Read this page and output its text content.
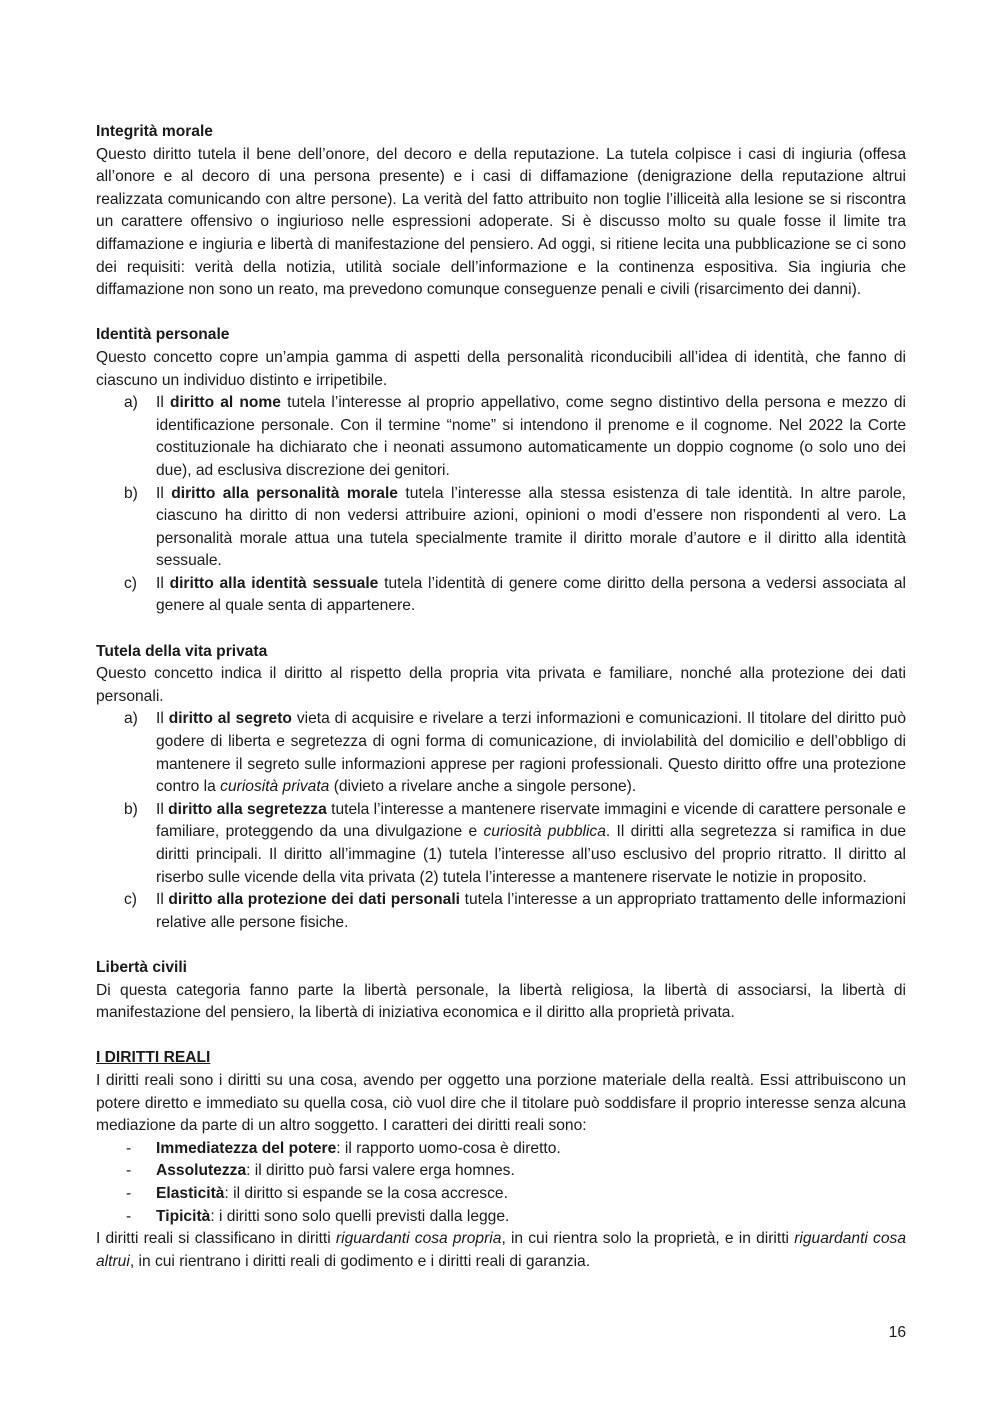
Integrità morale

Questo diritto tutela il bene dell’onore, del decoro e della reputazione. La tutela colpisce i casi di ingiuria (offesa all’onore e al decoro di una persona presente) e i casi di diffamazione (denigrazione della reputazione altrui realizzata comunicando con altre persone). La verità del fatto attribuito non toglie l’illiceità alla lesione se si riscontra un carattere offensivo o ingiurioso nelle espressioni adoperate. Si è discusso molto su quale fosse il limite tra diffamazione e ingiuria e libertà di manifestazione del pensiero. Ad oggi, si ritiene lecita una pubblicazione se ci sono dei requisiti: verità della notizia, utilità sociale dell’informazione e la continenza espositiva. Sia ingiuria che diffamazione non sono un reato, ma prevedono comunque conseguenze penali e civili (risarcimento dei danni).

Identità personale

Questo concetto copre un’ampia gamma di aspetti della personalità riconducibili all’idea di identità, che fanno di ciascuno un individuo distinto e irripetibile.

a) Il diritto al nome tutela l’interesse al proprio appellativo, come segno distintivo della persona e mezzo di identificazione personale. Con il termine “nome” si intendono il prenome e il cognome. Nel 2022 la Corte costituzionale ha dichiarato che i neonati assumono automaticamente un doppio cognome (o solo uno dei due), ad esclusiva discrezione dei genitori.
b) Il diritto alla personalità morale tutela l’interesse alla stessa esistenza di tale identità. In altre parole, ciascuno ha diritto di non vedersi attribuire azioni, opinioni o modi d’essere non rispondenti al vero. La personalità morale attua una tutela specialmente tramite il diritto morale d’autore e il diritto alla identità sessuale.
c) Il diritto alla identità sessuale tutela l’identità di genere come diritto della persona a vedersi associata al genere al quale senta di appartenere.

Tutela della vita privata

Questo concetto indica il diritto al rispetto della propria vita privata e familiare, nonché alla protezione dei dati personali.

a) Il diritto al segreto vieta di acquisire e rivelare a terzi informazioni e comunicazioni. Il titolare del diritto può godere di liberta e segretezza di ogni forma di comunicazione, di inviolabilità del domicilio e dell’obbligo di mantenere il segreto sulle informazioni apprese per ragioni professionali. Questo diritto offre una protezione contro la curiosità privata (divieto a rivelare anche a singole persone).
b) Il diritto alla segretezza tutela l’interesse a mantenere riservate immagini e vicende di carattere personale e familiare, proteggendo da una divulgazione e curiosità pubblica. Il diritti alla segretezza si ramifica in due diritti principali. Il diritto all’immagine (1) tutela l’interesse all’uso esclusivo del proprio ritratto. Il diritto al riserbo sulle vicende della vita privata (2) tutela l’interesse a mantenere riservate le notizie in proposito.
c) Il diritto alla protezione dei dati personali tutela l’interesse a un appropriato trattamento delle informazioni relative alle persone fisiche.

Libertà civili

Di questa categoria fanno parte la libertà personale, la libertà religiosa, la libertà di associarsi, la libertà di manifestazione del pensiero, la libertà di iniziativa economica e il diritto alla proprietà privata.

I DIRITTI REALI

I diritti reali sono i diritti su una cosa, avendo per oggetto una porzione materiale della realtà. Essi attribuiscono un potere diretto e immediato su quella cosa, ciò vuol dire che il titolare può soddisfare il proprio interesse senza alcuna mediazione da parte di un altro soggetto. I caratteri dei diritti reali sono:

- Immediatezza del potere: il rapporto uomo-cosa è diretto.
- Assolutezza: il diritto può farsi valere erga homnes.
- Elasticità: il diritto si espande se la cosa accresce.
- Tipicità: i diritti sono solo quelli previsti dalla legge.

I diritti reali si classificano in diritti riguardanti cosa propria, in cui rientra solo la proprietà, e in diritti riguardanti cosa altrui, in cui rientrano i diritti reali di godimento e i diritti reali di garanzia.

16
